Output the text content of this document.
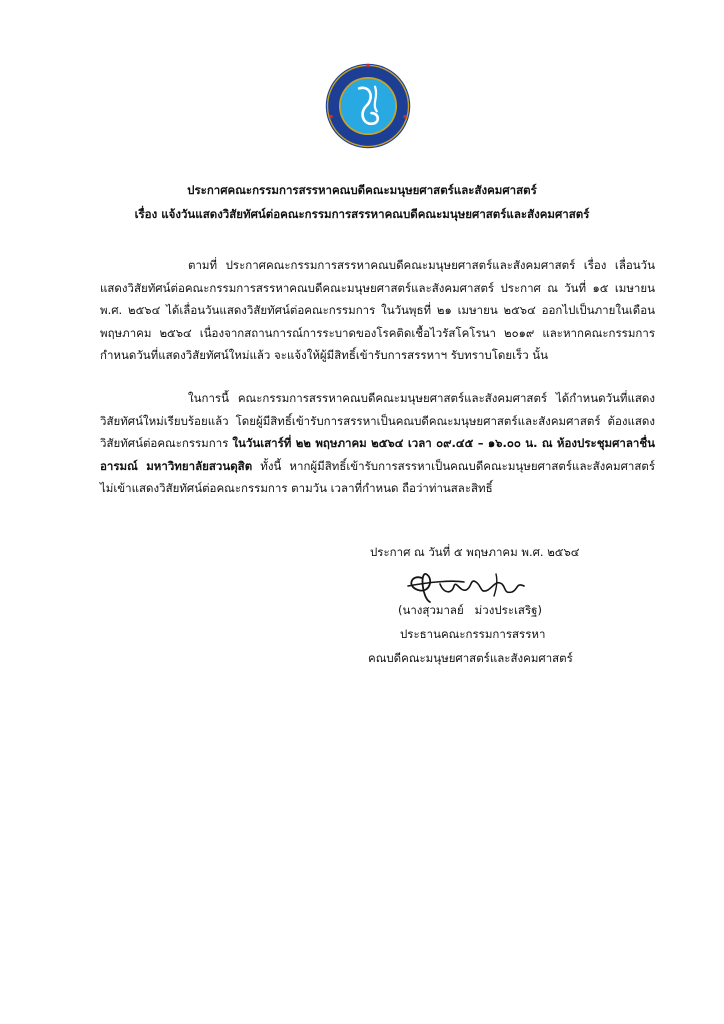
ประกาศคณะกรรมการสรรหาคณบดีคณะมนุษยศาสตร์และสังคมศาสตร์
เรื่อง แจ้งวันแสดงวิสัยทัศน์ต่อคณะกรรมการสรรหาคณบดีคณะมนุษยศาสตร์และสังคมศาสตร์

ตามที่ ประกาศคณะกรรมการสรรหาคณบดีคณะมนุษยศาสตร์และสังคมศาสตร์ เรื่อง เลื่อนวันแสดงวิสัยทัศน์ต่อคณะกรรมการสรรหาคณบดีคณะมนุษยศาสตร์และสังคมศาสตร์ ประกาศ ณ วันที่ ๑๕ เมษายน พ.ศ. ๒๕๖๔ ได้เลื่อนวันแสดงวิสัยทัศน์ต่อคณะกรรมการ ในวันพุธที่ ๒๑ เมษายน ๒๕๖๔ ออกไปเป็นภายในเดือนพฤษภาคม ๒๕๖๔ เนื่องจากสถานการณ์การระบาดของโรคติดเชื้อไวรัสโคโรนา ๒๐๑๙ และหากคณะกรรมการกำหนดวันที่แสดงวิสัยทัศน์ใหม่แล้ว จะแจ้งให้ผู้มีสิทธิ์เข้ารับการสรรหาฯ รับทราบโดยเร็ว นั้น

ในการนี้ คณะกรรมการสรรหาคณบดีคณะมนุษยศาสตร์และสังคมศาสตร์ ได้กำหนดวันที่แสดงวิสัยทัศน์ใหม่เรียบร้อยแล้ว โดยผู้มีสิทธิ์เข้ารับการสรรหาเป็นคณบดีคณะมนุษยศาสตร์และสังคมศาสตร์ ต้องแสดงวิสัยทัศน์ต่อคณะกรรมการ ในวันเสาร์ที่ ๒๒ พฤษภาคม ๒๕๖๔ เวลา ๐๙.๔๕ – ๑๖.๐๐ น. ณ ห้องประชุมศาลาชื่นอารมณ์ มหาวิทยาลัยสวนดุสิต ทั้งนี้ หากผู้มีสิทธิ์เข้ารับการสรรหาเป็นคณบดีคณะมนุษยศาสตร์และสังคมศาสตร์ ไม่เข้าแสดงวิสัยทัศน์ต่อคณะกรรมการ ตามวัน เวลาที่กำหนด ถือว่าท่านสละสิทธิ์

ประกาศ ณ วันที่ ๕ พฤษภาคม พ.ศ. ๒๕๖๔
(นางสุวมาลย์   ม่วงประเสริฐ)
ประธานคณะกรรมการสรรหา
คณบดีคณะมนุษยศาสตร์และสังคมศาสตร์
